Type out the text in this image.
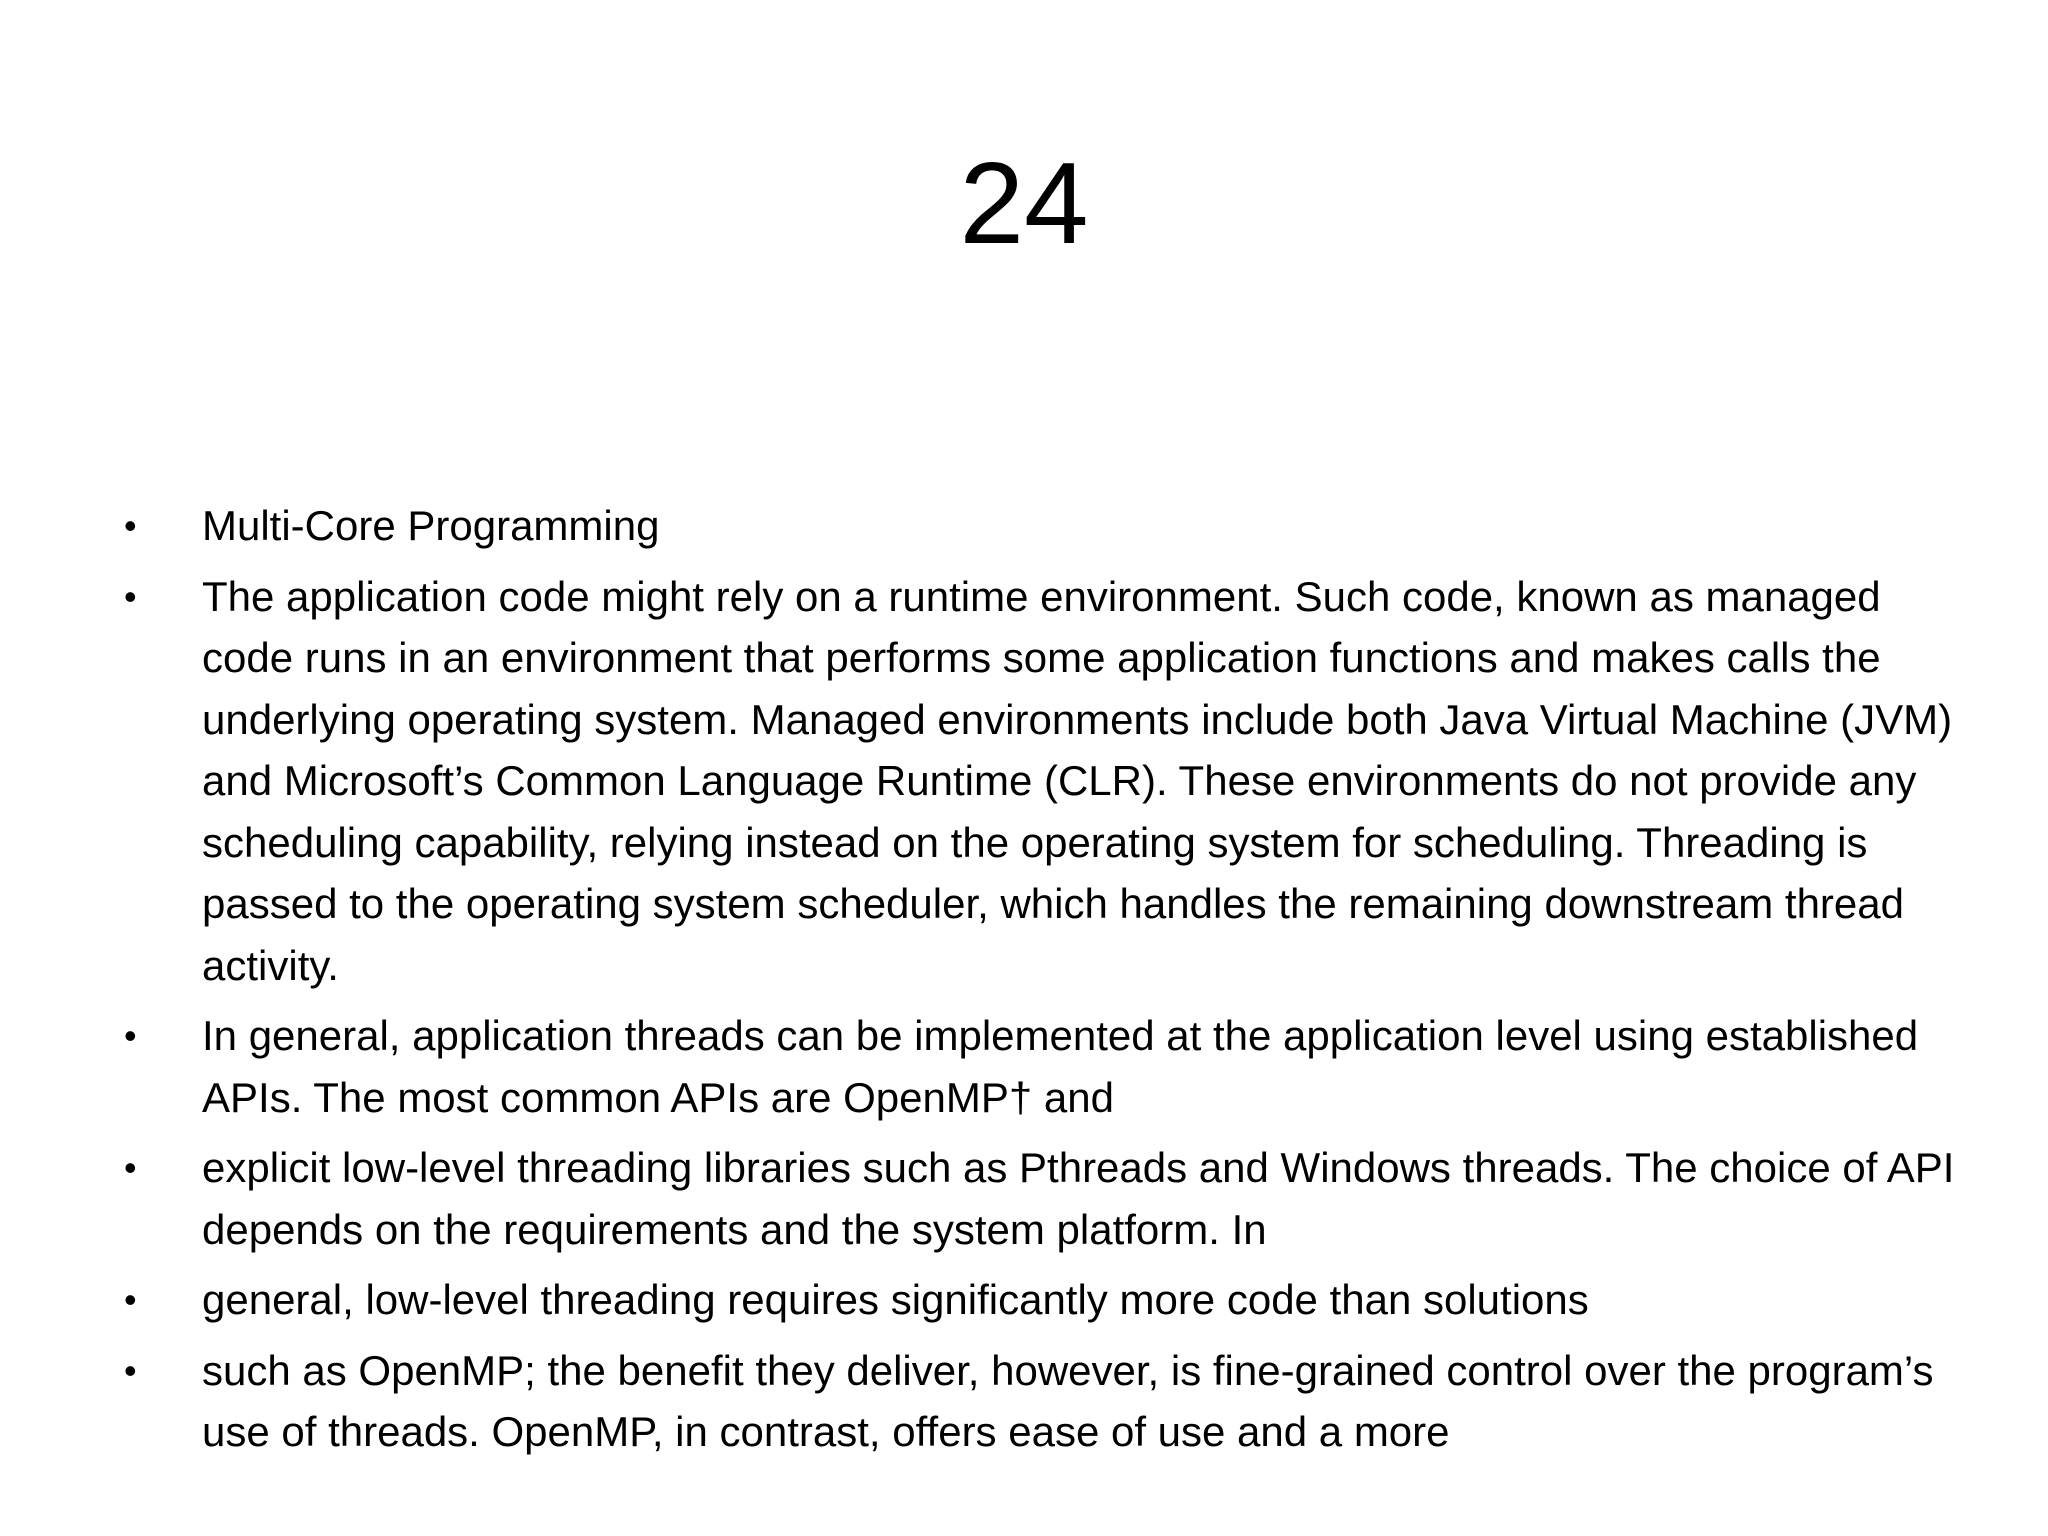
24
• Multi-Core Programming
• The application code might rely on a runtime environment. Such code, known as managed code runs in an environment that performs some application functions and makes calls the underlying operating system. Managed environments include both Java Virtual Machine (JVM) and Microsoft’s Common Language Runtime (CLR). These environments do not provide any scheduling capability, relying instead on the operating system for scheduling. Threading is passed to the operating system scheduler, which handles the remaining downstream thread activity.
• In general, application threads can be implemented at the application level using established APIs. The most common APIs are OpenMP† and
• explicit low-level threading libraries such as Pthreads and Windows threads. The choice of API depends on the requirements and the system platform. In
• general, low-level threading requires significantly more code than solutions
• such as OpenMP; the benefit they deliver, however, is fine-grained control over the program’s use of threads. OpenMP, in contrast, offers ease of use and a more
